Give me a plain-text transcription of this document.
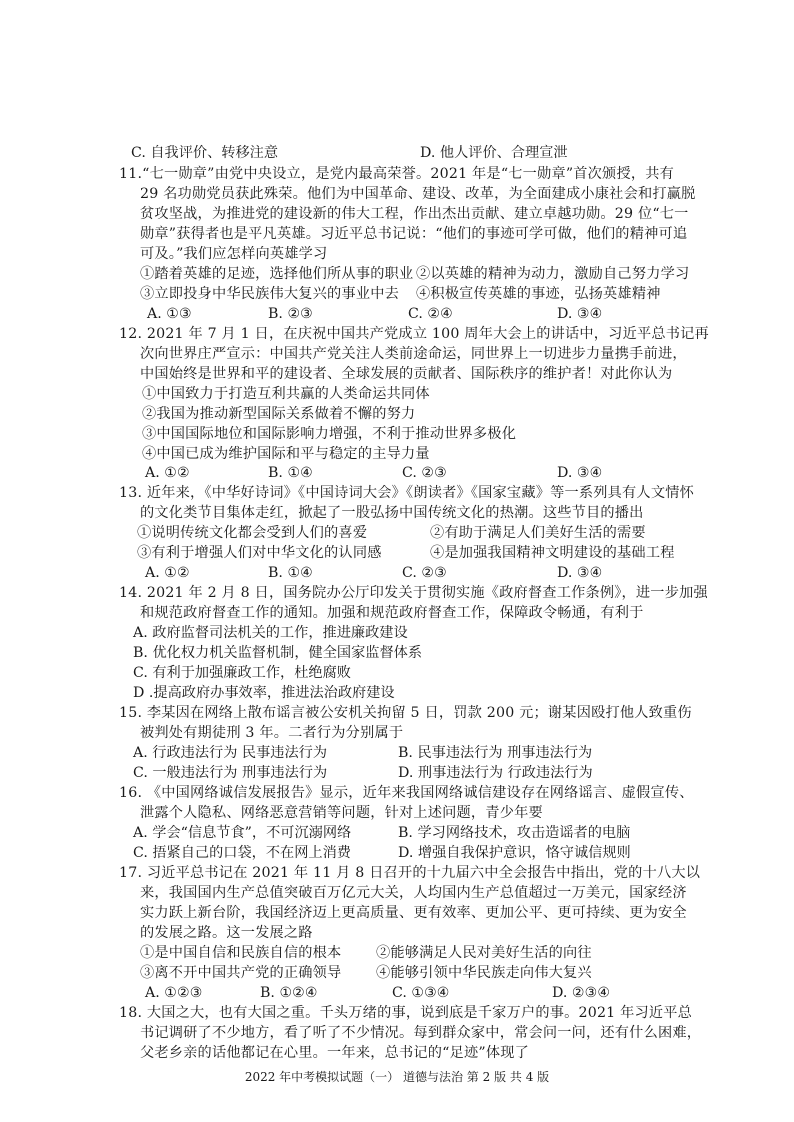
C. 自我评价、转移注意	D. 他人评价、合理宣泄
11.“七一勋章”由党中央设立，是党内最高荣誉。2021 年是“七一勋章”首次颁授，共有
29 名功勋党员获此殊荣。他们为中国革命、建设、改革，为全面建成小康社会和打赢脱
贫攻坚战，为推进党的建设新的伟大工程，作出杰出贡献、建立卓越功勋。29 位“七一
勋章”获得者也是平凡英雄。习近平总书记说：“他们的事迹可学可做，他们的精神可追
可及。”我们应怎样向英雄学习
①踏着英雄的足迹，选择他们所从事的职业 ②以英雄的精神为动力，激励自己努力学习
③立即投身中华民族伟大复兴的事业中去 ④积极宣传英雄的事迹，弘扬英雄精神
A. ①③	B. ②③	C. ②④	D. ③④
12. 2021 年 7 月 1 日，在庆祝中国共产党成立 100 周年大会上的讲话中，习近平总书记再
次向世界庄严宣示：中国共产党关注人类前途命运，同世界上一切进步力量携手前进，
中国始终是世界和平的建设者、全球发展的贡献者、国际秩序的维护者！对此你认为
①中国致力于打造互利共赢的人类命运共同体
②我国为推动新型国际关系做着不懈的努力
③中国国际地位和国际影响力增强，不利于推动世界多极化
④中国已成为维护国际和平与稳定的主导力量
A. ①②	B. ①④	C. ②③	D. ③④
13. 近年来，《中华好诗词》《中国诗词大会》《朗读者》《国家宝藏》等一系列具有人文情怀
的文化类节目集体走红，掀起了一股弘扬中国传统文化的热潮。这些节目的播出
①说明传统文化都会受到人们的喜爱	②有助于满足人们美好生活的需要
③有利于增强人们对中华文化的认同感	④是加强我国精神文明建设的基础工程
A. ①②	B. ①④	C. ②③	D. ③④
14. 2021 年 2 月 8 日，国务院办公厅印发关于贯彻实施《政府督查工作条例》，进一步加强
和规范政府督查工作的通知。加强和规范政府督查工作，保障政令畅通，有利于
A. 政府监督司法机关的工作，推进廉政建设
B. 优化权力机关监督机制，健全国家监督体系
C. 有利于加强廉政工作，杜绝腐败
D .提高政府办事效率，推进法治政府建设
15. 李某因在网络上散布谣言被公安机关拘留 5 日，罚款 200 元；谢某因殴打他人致重伤
被判处有期徒刑 3 年。二者行为分别属于
A. 行政违法行为 民事违法行为	B. 民事违法行为 刑事违法行为
C. 一般违法行为 刑事违法行为	D. 刑事违法行为 行政违法行为
16. 《中国网络诚信发展报告》显示，近年来我国网络诚信建设存在网络谣言、虚假宣传、
泄露个人隐私、网络恶意营销等问题，针对上述问题，青少年要
A. 学会“信息节食”，不可沉溺网络	B. 学习网络技术，攻击造谣者的电脑
C. 捂紧自己的口袋，不在网上消费	D. 增强自我保护意识，恪守诚信规则
17. 习近平总书记在 2021 年 11 月 8 日召开的十九届六中全会报告中指出，党的十八大以
来，我国国内生产总值突破百万亿元大关，人均国内生产总值超过一万美元，国家经济
实力跃上新台阶，我国经济迈上更高质量、更有效率、更加公平、更可持续、更为安全
的发展之路。这一发展之路
①是中国自信和民族自信的根本 ②能够满足人民对美好生活的向往
③离不开中国共产党的正确领导 ④能够引领中华民族走向伟大复兴
A. ①②③	B. ①②④	C. ①③④	D. ②③④
18. 大国之大，也有大国之重。千头万绪的事，说到底是千家万户的事。2021 年习近平总
书记调研了不少地方，看了听了不少情况。每到群众家中，常会问一问，还有什么困难，
父老乡亲的话他都记在心里。一年来，总书记的“足迹”体现了
2022 年中考模拟试题（一） 道德与法治 第 2 版 共 4 版
